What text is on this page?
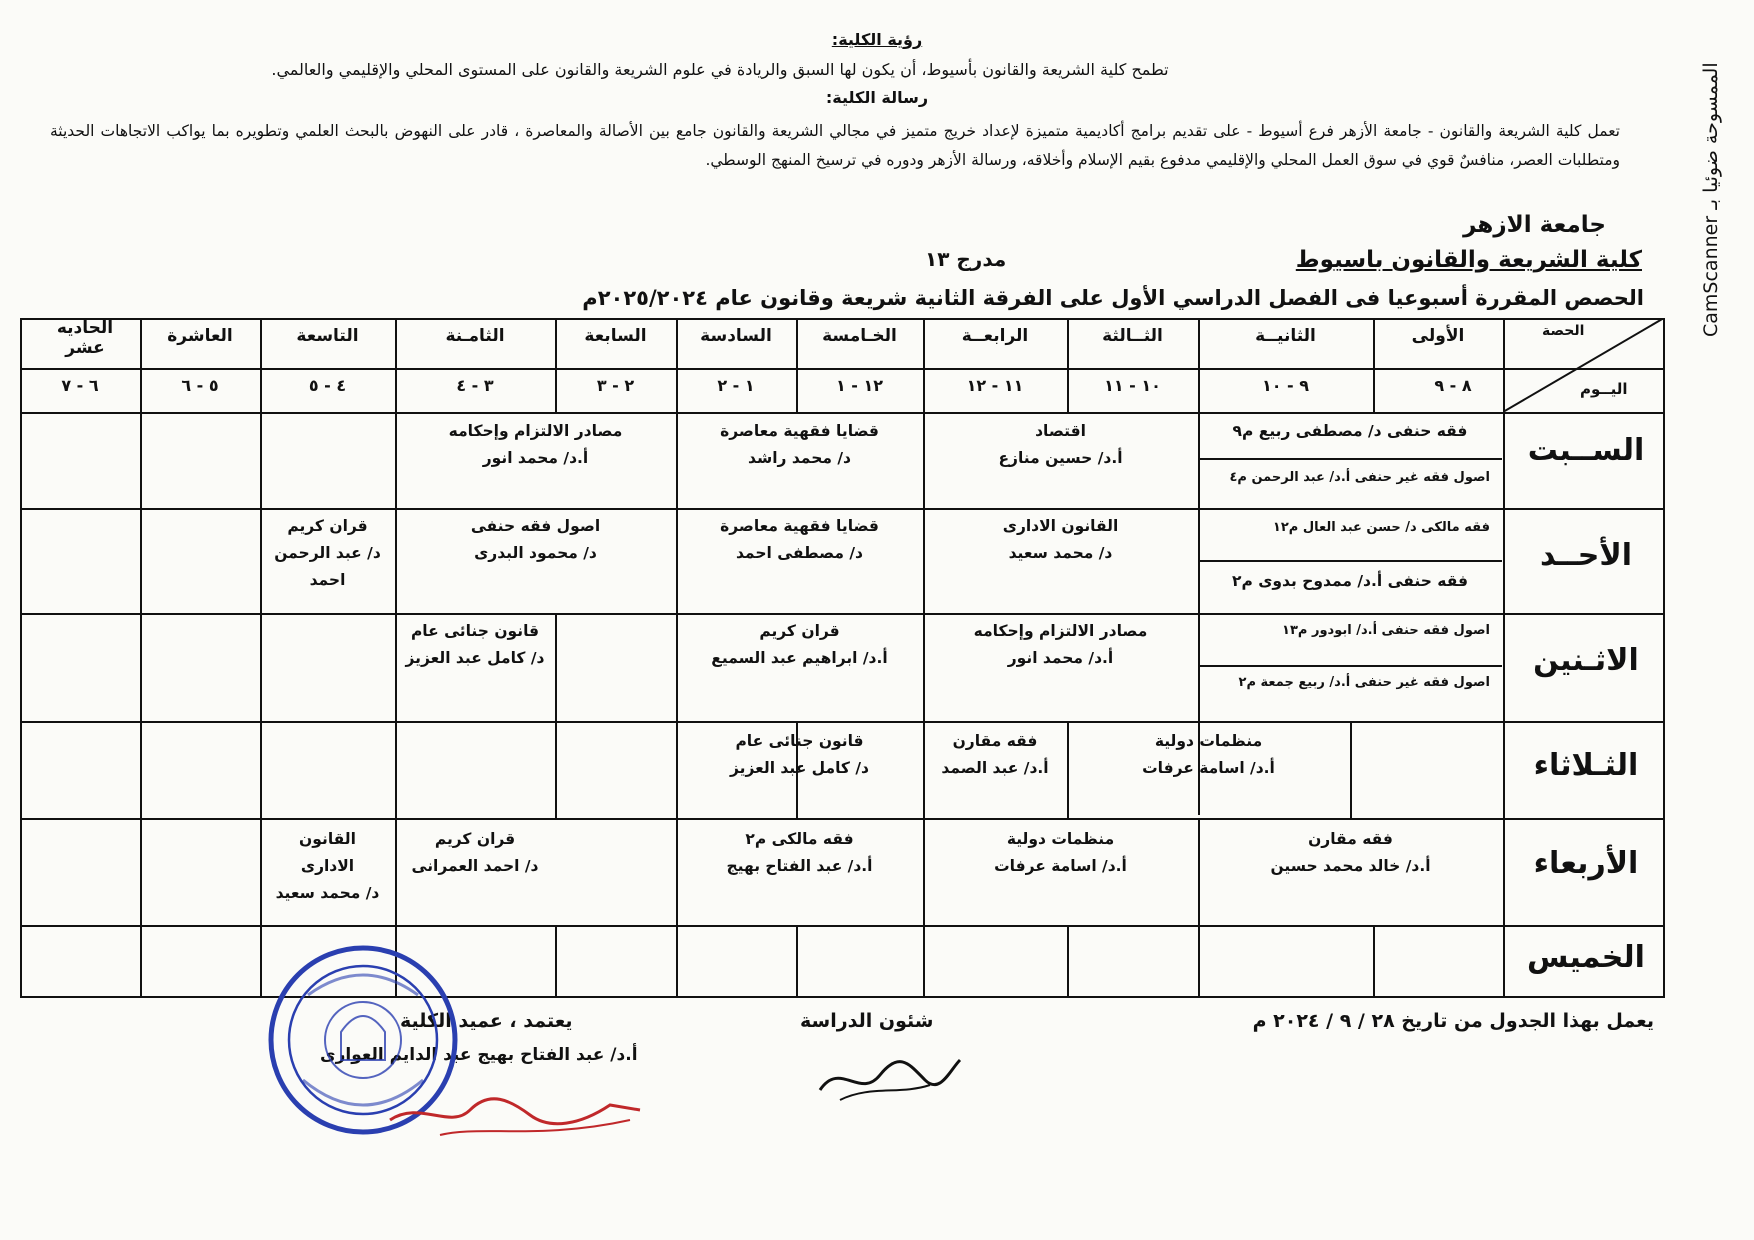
رؤية الكلية:
تطمح كلية الشريعة والقانون بأسيوط، أن يكون لها السبق والريادة في علوم الشريعة والقانون على المستوى المحلي والإقليمي والعالمي.
رسالة الكلية:
تعمل كلية الشريعة والقانون - جامعة الأزهر فرع أسيوط - على تقديم برامج أكاديمية متميزة لإعداد خريج متميز في مجالي الشريعة والقانون جامع بين الأصالة والمعاصرة ، قادر على النهوض بالبحث العلمي وتطويره بما يواكب الاتجاهات الحديثة ومتطلبات العصر، منافسٌ قوي في سوق العمل المحلي والإقليمي مدفوع بقيم الإسلام وأخلاقه، ورسالة الأزهر ودوره في ترسيخ المنهج الوسطي.
جامعة الازهر
كلية الشريعة والقانون باسيوط
مدرج ١٣
الحصص المقررة أسبوعيا فى الفصل الدراسي الأول على الفرقة الثانية شريعة وقانون عام ٢٠٢٥/٢٠٢٤م	CamScanner الممسوحة ضوئيا بـ
الحصة
اليــوم
الأولى
الثانيــة
الثــالثة
الرابعــة
الخـامسة
السادسة
السابعة
الثامـنة
التاسعة
العاشرة
الحاديه عشر
٨ - ٩
٩ - ١٠
١٠ - ١١
١١ - ١٢
١٢ - ١
١ - ٢
٢ - ٣
٣ - ٤
٤ - ٥
٥ - ٦
٦ - ٧
الســبت
الأحــد
الاثـنين
الثـلاثاء
الأربعاء
الخميس
فقه حنفى د/ مصطفى ربيع م٩
اصول فقه غير حنفى أ.د/ عبد الرحمن م٤
اقتصاد
أ.د/ حسين منازع
قضايا فقهية معاصرة
د/ محمد راشد
مصادر الالتزام وإحكامه
أ.د/ محمد انور
فقه مالكى د/ حسن عبد العال م١٢
فقه حنفى أ.د/ ممدوح بدوى م٢
القانون الادارى
د/ محمد سعيد
قضايا فقهية معاصرة
د/ مصطفى احمد
اصول فقه حنفى
د/ محمود البدرى
قران كريم
د/ عبد الرحمن
احمد
اصول فقه حنفى أ.د/ ابودور م١٣
اصول فقه غير حنفى أ.د/ ربيع جمعة م٢
مصادر الالتزام وإحكامه
أ.د/ محمد انور
قران كريم
أ.د/ ابراهيم عبد السميع
قانون جنائى عام
د/ كامل عبد العزيز
منظمات دولية
أ.د/ اسامة عرفات
فقه مقارن
أ.د/ عبد الصمد
قانون جنائى عام
د/ كامل عبد العزيز
فقه مقارن
أ.د/ خالد محمد حسين
منظمات دولية
أ.د/ اسامة عرفات
فقه مالكى م٢
أ.د/ عبد الفتاح بهيج
قران كريم
د/ احمد العمرانى
القانون
الادارى
د/ محمد سعيد
يعمل بهذا الجدول من تاريخ ٢٨ / ٩ / ٢٠٢٤ م
شئون الدراسة
يعتمد ، عميد الكلية
أ.د/ عبد الفتاح بهيج عبد الدايم العوارى
